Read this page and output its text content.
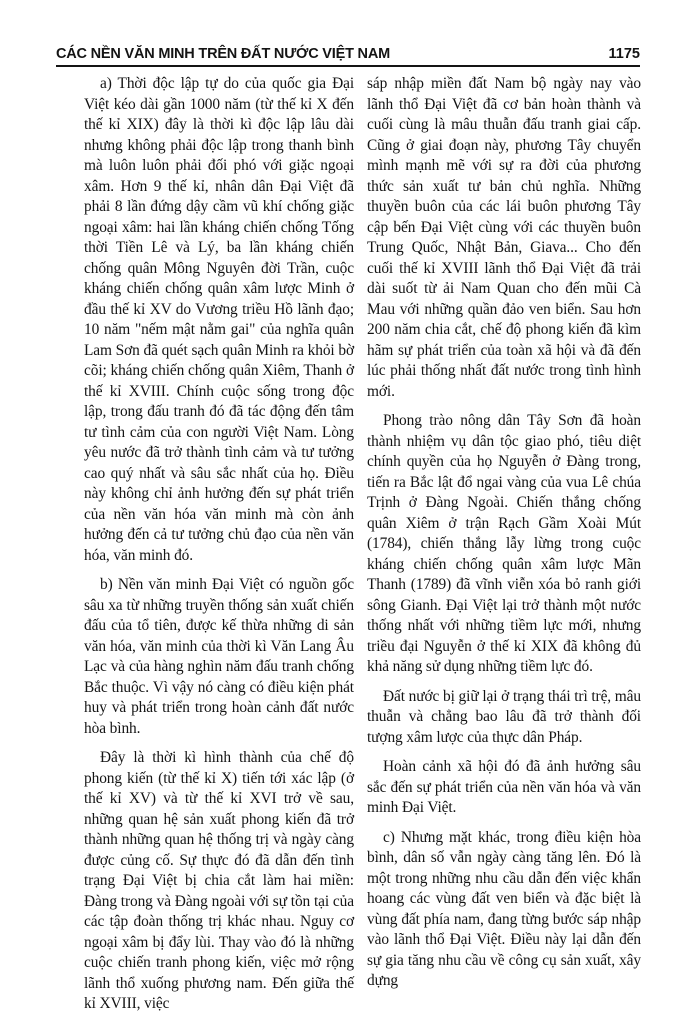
CÁC NỀN VĂN MINH TRÊN ĐẤT NƯỚC VIỆT NAM	1175

a) Thời độc lập tự do của quốc gia Đại Việt kéo dài gần 1000 năm (từ thế kỉ X đến thế kỉ XIX) đây là thời kì độc lập lâu dài nhưng không phải độc lập trong thanh bình mà luôn luôn phải đối phó với giặc ngoại xâm. Hơn 9 thế kỉ, nhân dân Đại Việt đã phải 8 lần đứng dậy cầm vũ khí chống giặc ngoại xâm: hai lần kháng chiến chống Tống thời Tiền Lê và Lý, ba lần kháng chiến chống quân Mông Nguyên đời Trần, cuộc kháng chiến chống quân xâm lược Minh ở đầu thế kỉ XV do Vương triều Hồ lãnh đạo; 10 năm "nếm mật nằm gai" của nghĩa quân Lam Sơn đã quét sạch quân Minh ra khỏi bờ cõi; kháng chiến chống quân Xiêm, Thanh ở thế kỉ XVIII. Chính cuộc sống trong độc lập, trong đấu tranh đó đã tác động đến tâm tư tình cảm của con người Việt Nam. Lòng yêu nước đã trở thành tình cảm và tư tưởng cao quý nhất và sâu sắc nhất của họ. Điều này không chỉ ảnh hưởng đến sự phát triển của nền văn hóa văn minh mà còn ảnh hưởng đến cả tư tưởng chủ đạo của nền văn hóa, văn minh đó.

b) Nền văn minh Đại Việt có nguồn gốc sâu xa từ những truyền thống sản xuất chiến đấu của tổ tiên, được kế thừa những di sản văn hóa, văn minh của thời kì Văn Lang Âu Lạc và của hàng nghìn năm đấu tranh chống Bắc thuộc. Vì vậy nó càng có điều kiện phát huy và phát triển trong hoàn cảnh đất nước hòa bình.

Đây là thời kì hình thành của chế độ phong kiến (từ thế kỉ X) tiến tới xác lập (ở thế kỉ XV) và từ thế kỉ XVI trở về sau, những quan hệ sản xuất phong kiến đã trở thành những quan hệ thống trị và ngày càng được củng cố. Sự thực đó đã dẫn đến tình trạng Đại Việt bị chia cắt làm hai miền: Đàng trong và Đàng ngoài với sự tồn tại của các tập đoàn thống trị khác nhau. Nguy cơ ngoại xâm bị đẩy lùi. Thay vào đó là những cuộc chiến tranh phong kiến, việc mở rộng lãnh thổ xuống phương nam. Đến giữa thế kỉ XVIII, việc

sáp nhập miền đất Nam bộ ngày nay vào lãnh thổ Đại Việt đã cơ bản hoàn thành và cuối cùng là mâu thuẫn đấu tranh giai cấp. Cũng ở giai đoạn này, phương Tây chuyển mình mạnh mẽ với sự ra đời của phương thức sản xuất tư bản chủ nghĩa. Những thuyền buôn của các lái buôn phương Tây cập bến Đại Việt cùng với các thuyền buôn Trung Quốc, Nhật Bản, Giava... Cho đến cuối thế kỉ XVIII lãnh thổ Đại Việt đã trải dài suốt từ ải Nam Quan cho đến mũi Cà Mau với những quần đảo ven biển. Sau hơn 200 năm chia cắt, chế độ phong kiến đã kìm hãm sự phát triển của toàn xã hội và đã đến lúc phải thống nhất đất nước trong tình hình mới.

Phong trào nông dân Tây Sơn đã hoàn thành nhiệm vụ dân tộc giao phó, tiêu diệt chính quyền của họ Nguyễn ở Đàng trong, tiến ra Bắc lật đổ ngai vàng của vua Lê chúa Trịnh ở Đàng Ngoài. Chiến thắng chống quân Xiêm ở trận Rạch Gầm Xoài Mút (1784), chiến thắng lẫy lừng trong cuộc kháng chiến chống quân xâm lược Mãn Thanh (1789) đã vĩnh viễn xóa bỏ ranh giới sông Gianh. Đại Việt lại trở thành một nước thống nhất với những tiềm lực mới, nhưng triều đại Nguyễn ở thế kỉ XIX đã không đủ khả năng sử dụng những tiềm lực đó.

Đất nước bị giữ lại ở trạng thái trì trệ, mâu thuẫn và chẳng bao lâu đã trở thành đối tượng xâm lược của thực dân Pháp.

Hoàn cảnh xã hội đó đã ảnh hưởng sâu sắc đến sự phát triển của nền văn hóa và văn minh Đại Việt.

c) Nhưng mặt khác, trong điều kiện hòa bình, dân số vẫn ngày càng tăng lên. Đó là một trong những nhu cầu dẫn đến việc khẩn hoang các vùng đất ven biển và đặc biệt là vùng đất phía nam, đang từng bước sáp nhập vào lãnh thổ Đại Việt. Điều này lại dẫn đến sự gia tăng nhu cầu về công cụ sản xuất, xây dựng
